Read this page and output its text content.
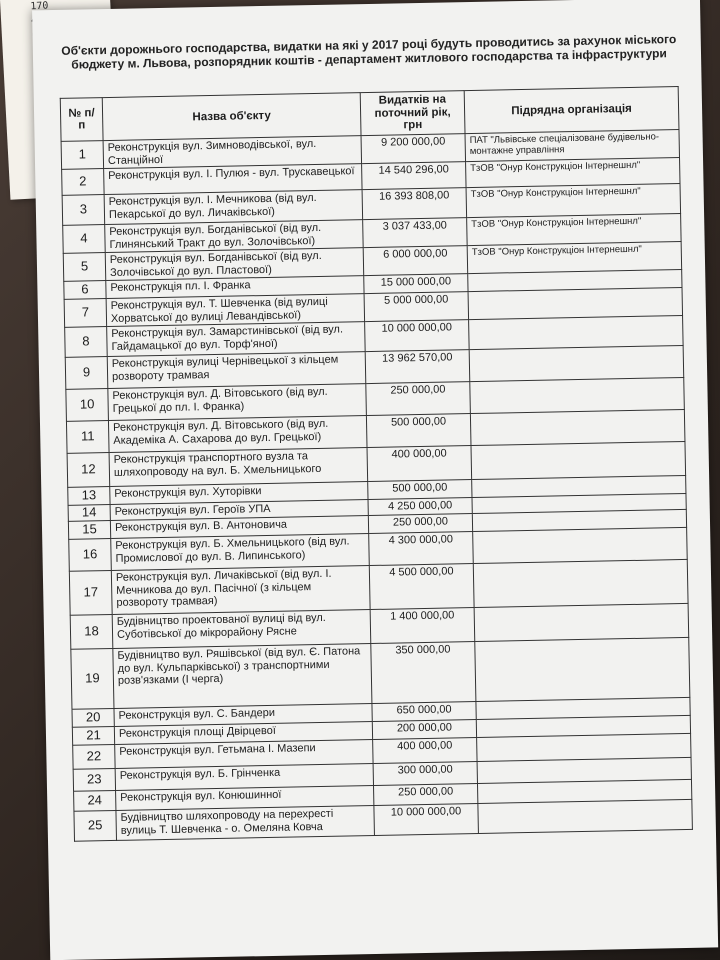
170
Об'єкти дорожнього господарства, видатки на які у 2017 році будуть проводитись за рахунок міського бюджету м. Львова, розпорядник коштів - департамент житлового господарства та інфраструктури
№ п/п	Назва об'єкту	Видатків на поточний рік, грн	Підрядна організація
1	Реконструкція вул. Зимноводівської, вул. Станційної	9 200 000,00	ПАТ "Львівське спеціалізоване будівельно-монтажне управління
2	Реконструкція вул. І. Пулюя - вул. Трускавецької	14 540 296,00	ТзОВ "Онур Конструкціон Інтернешнл"
3	Реконструкція вул. І. Мечникова (від вул. Пекарської до вул. Личаківської)	16 393 808,00	ТзОВ "Онур Конструкціон Інтернешнл"
4	Реконструкція вул. Богданівської (від вул. Глинянський Тракт до вул. Золочівської)	3 037 433,00	ТзОВ "Онур Конструкціон Інтернешнл"
5	Реконструкція вул. Богданівської (від вул. Золочівської до вул. Пластової)	6 000 000,00	ТзОВ "Онур Конструкціон Інтернешнл"
6	Реконструкція пл. І. Франка	15 000 000,00	
7	Реконструкція вул. Т. Шевченка (від вулиці Хорватської до вулиці Левандівської)	5 000 000,00	
8	Реконструкція вул. Замарстинівської (від вул. Гайдамацької до вул. Торф'яної)	10 000 000,00	
9	Реконструкція вулиці Чернівецької з кільцем розвороту трамвая	13 962 570,00	
10	Реконструкція вул. Д. Вітовського (від вул. Грецької до пл. І. Франка)	250 000,00	
11	Реконструкція вул. Д. Вітовського (від вул. Академіка А. Сахарова до вул. Грецької)	500 000,00	
12	Реконструкція транспортного вузла та шляхопроводу на вул. Б. Хмельницького	400 000,00	
13	Реконструкція вул. Хуторівки	500 000,00	
14	Реконструкція вул. Героїв УПА	4 250 000,00	
15	Реконструкція вул. В. Антоновича	250 000,00	
16	Реконструкція вул. Б. Хмельницького (від вул. Промислової до вул. В. Липинського)	4 300 000,00	
17	Реконструкція вул. Личаківської (від вул. І. Мечникова до вул. Пасічної (з кільцем розвороту трамвая)	4 500 000,00	
18	Будівництво проектованої вулиці від вул. Суботівської до мікрорайону Рясне	1 400 000,00	
19	Будівництво вул. Ряшівської (від вул. Є. Патона до вул. Кульпарківської) з транспортними розв'язками (I черга)	350 000,00	
20	Реконструкція вул. С. Бандери	650 000,00	
21	Реконструкція площі Двірцевої	200 000,00	
22	Реконструкція вул. Гетьмана І. Мазепи	400 000,00	
23	Реконструкція вул. Б. Грінченка	300 000,00	
24	Реконструкція вул. Конюшинної	250 000,00	
25	Будівництво шляхопроводу на перехресті вулиць Т. Шевченка - о. Омеляна Ковча	10 000 000,00	
